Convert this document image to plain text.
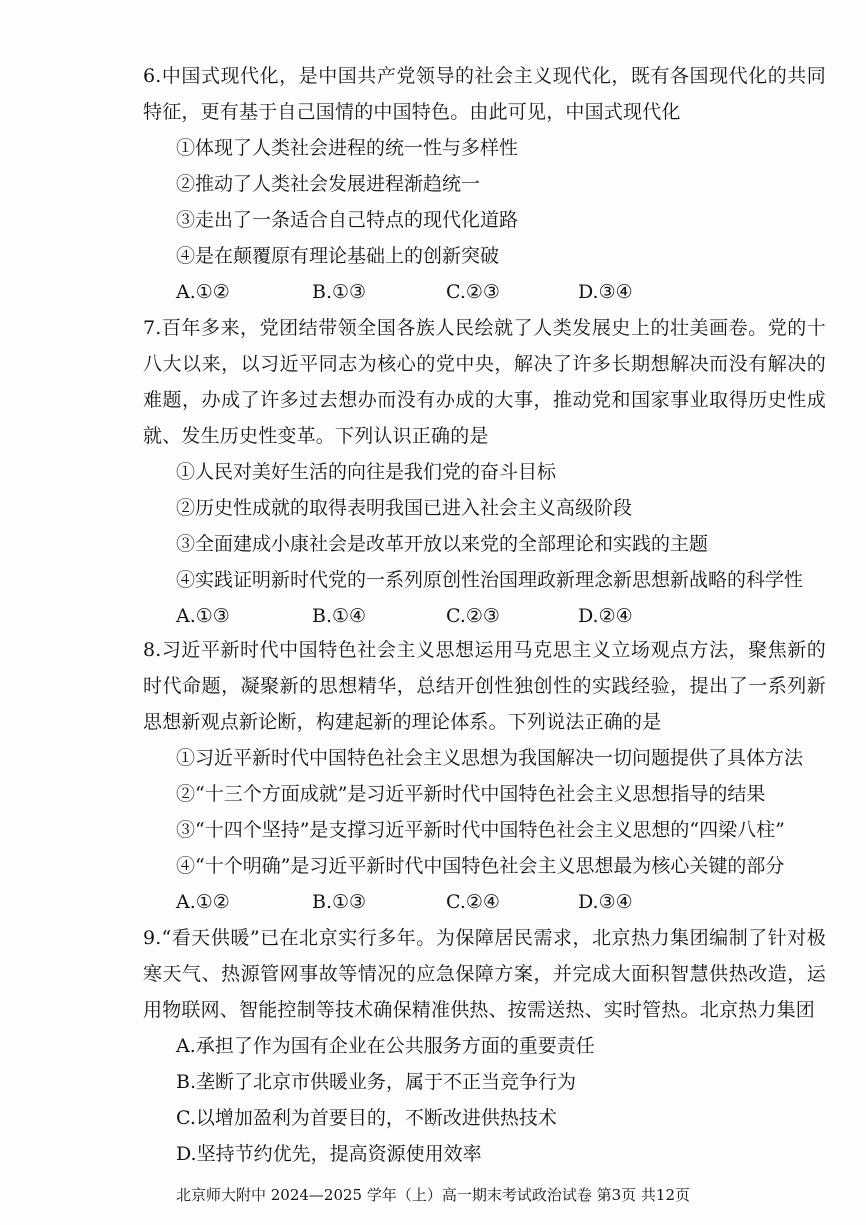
6.中国式现代化，是中国共产党领导的社会主义现代化，既有各国现代化的共同特征，更有基于自己国情的中国特色。由此可见，中国式现代化

①体现了人类社会进程的统一性与多样性
②推动了人类社会发展进程渐趋统一
③走出了一条适合自己特点的现代化道路
④是在颠覆原有理论基础上的创新突破
A.①②	B.①③	C.②③	D.③④

7.百年多来，党团结带领全国各族人民绘就了人类发展史上的壮美画卷。党的十八大以来，以习近平同志为核心的党中央，解决了许多长期想解决而没有解决的难题，办成了许多过去想办而没有办成的大事，推动党和国家事业取得历史性成就、发生历史性变革。下列认识正确的是

①人民对美好生活的向往是我们党的奋斗目标
②历史性成就的取得表明我国已进入社会主义高级阶段
③全面建成小康社会是改革开放以来党的全部理论和实践的主题
④实践证明新时代党的一系列原创性治国理政新理念新思想新战略的科学性
A.①③	B.①④	C.②③	D.②④

8.习近平新时代中国特色社会主义思想运用马克思主义立场观点方法，聚焦新的时代命题，凝聚新的思想精华，总结开创性独创性的实践经验，提出了一系列新思想新观点新论断，构建起新的理论体系。下列说法正确的是

①习近平新时代中国特色社会主义思想为我国解决一切问题提供了具体方法
②“十三个方面成就”是习近平新时代中国特色社会主义思想指导的结果
③“十四个坚持”是支撑习近平新时代中国特色社会主义思想的“四梁八柱”
④“十个明确”是习近平新时代中国特色社会主义思想最为核心关键的部分
A.①②	B.①③	C.②④	D.③④

9.“看天供暖”已在北京实行多年。为保障居民需求，北京热力集团编制了针对极寒天气、热源管网事故等情况的应急保障方案，并完成大面积智慧供热改造，运用物联网、智能控制等技术确保精准供热、按需送热、实时管热。北京热力集团

A.承担了作为国有企业在公共服务方面的重要责任
B.垄断了北京市供暖业务，属于不正当竞争行为
C.以增加盈利为首要目的，不断改进供热技术
D.坚持节约优先，提高资源使用效率
北京师大附中 2024—2025 学年（上）高一期末考试政治试卷 第3页 共12页
